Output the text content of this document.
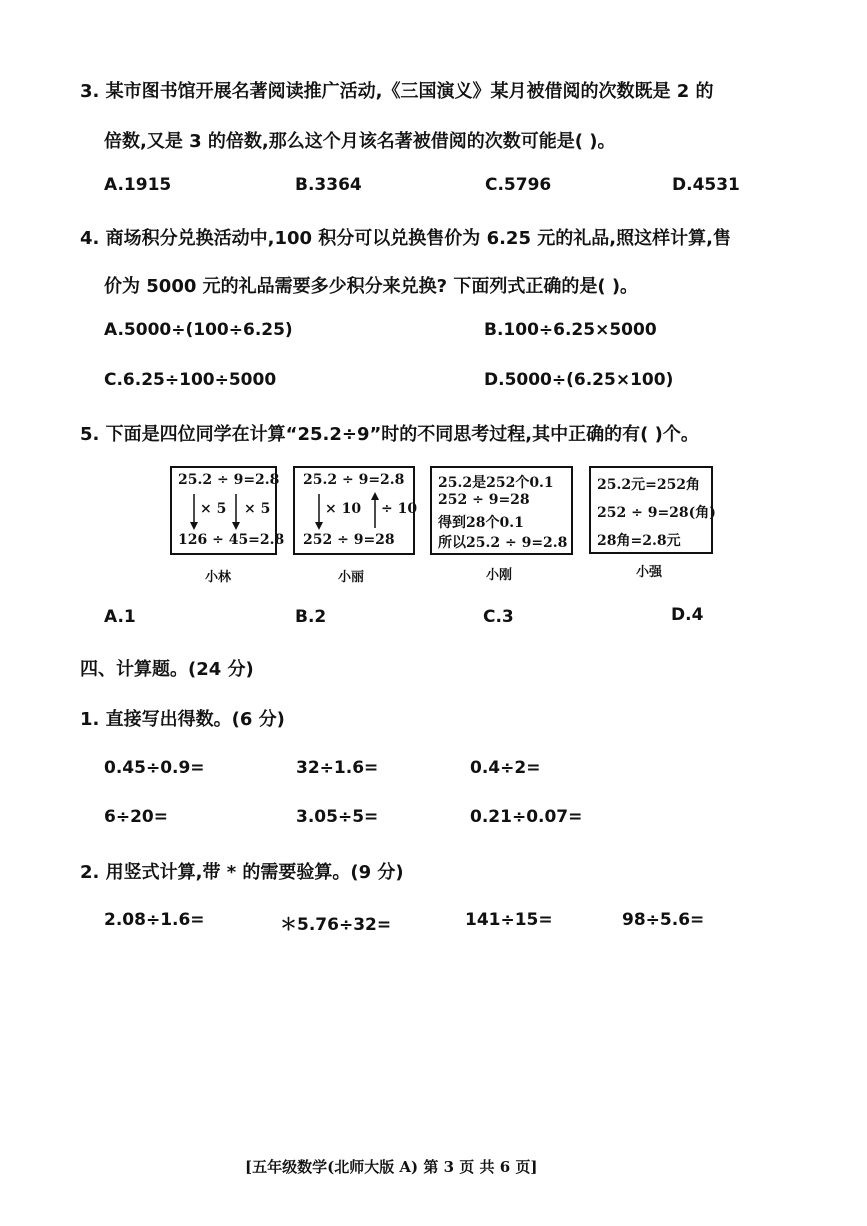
3. 某市图书馆开展名著阅读推广活动,《三国演义》某月被借阅的次数既是 2 的
倍数,又是 3 的倍数,那么这个月该名著被借阅的次数可能是( )。
A.1915	B.3364	C.5796	D.4531
4. 商场积分兑换活动中,100 积分可以兑换售价为 6.25 元的礼品,照这样计算,售
价为 5000 元的礼品需要多少积分来兑换? 下面列式正确的是( )。
A.5000÷(100÷6.25)	B.100÷6.25×5000
C.6.25÷100÷5000	D.5000÷(6.25×100)
5. 下面是四位同学在计算“25.2÷9”时的不同思考过程,其中正确的有( )个。
25.2 ÷ 9=2.8
× 5 × 5
126 ÷ 45=2.8
小林
25.2 ÷ 9=2.8
× 10 ÷ 10
252 ÷ 9=28
小丽
25.2是252个0.1
252 ÷ 9=28
得到28个0.1
所以25.2 ÷ 9=2.8
小刚
25.2元=252角
252 ÷ 9=28(角)
28角=2.8元
小强
A.1	B.2	C.3	D.4
四、计算题。(24 分)
1. 直接写出得数。(6 分)
0.45÷0.9=	32÷1.6=	0.4÷2=
6÷20=	3.05÷5=	0.21÷0.07=
2. 用竖式计算,带 * 的需要验算。(9 分)
2.08÷1.6=	＊5.76÷32=	141÷15=	98÷5.6=
[五年级数学(北师大版 A) 第 3 页 共 6 页]
